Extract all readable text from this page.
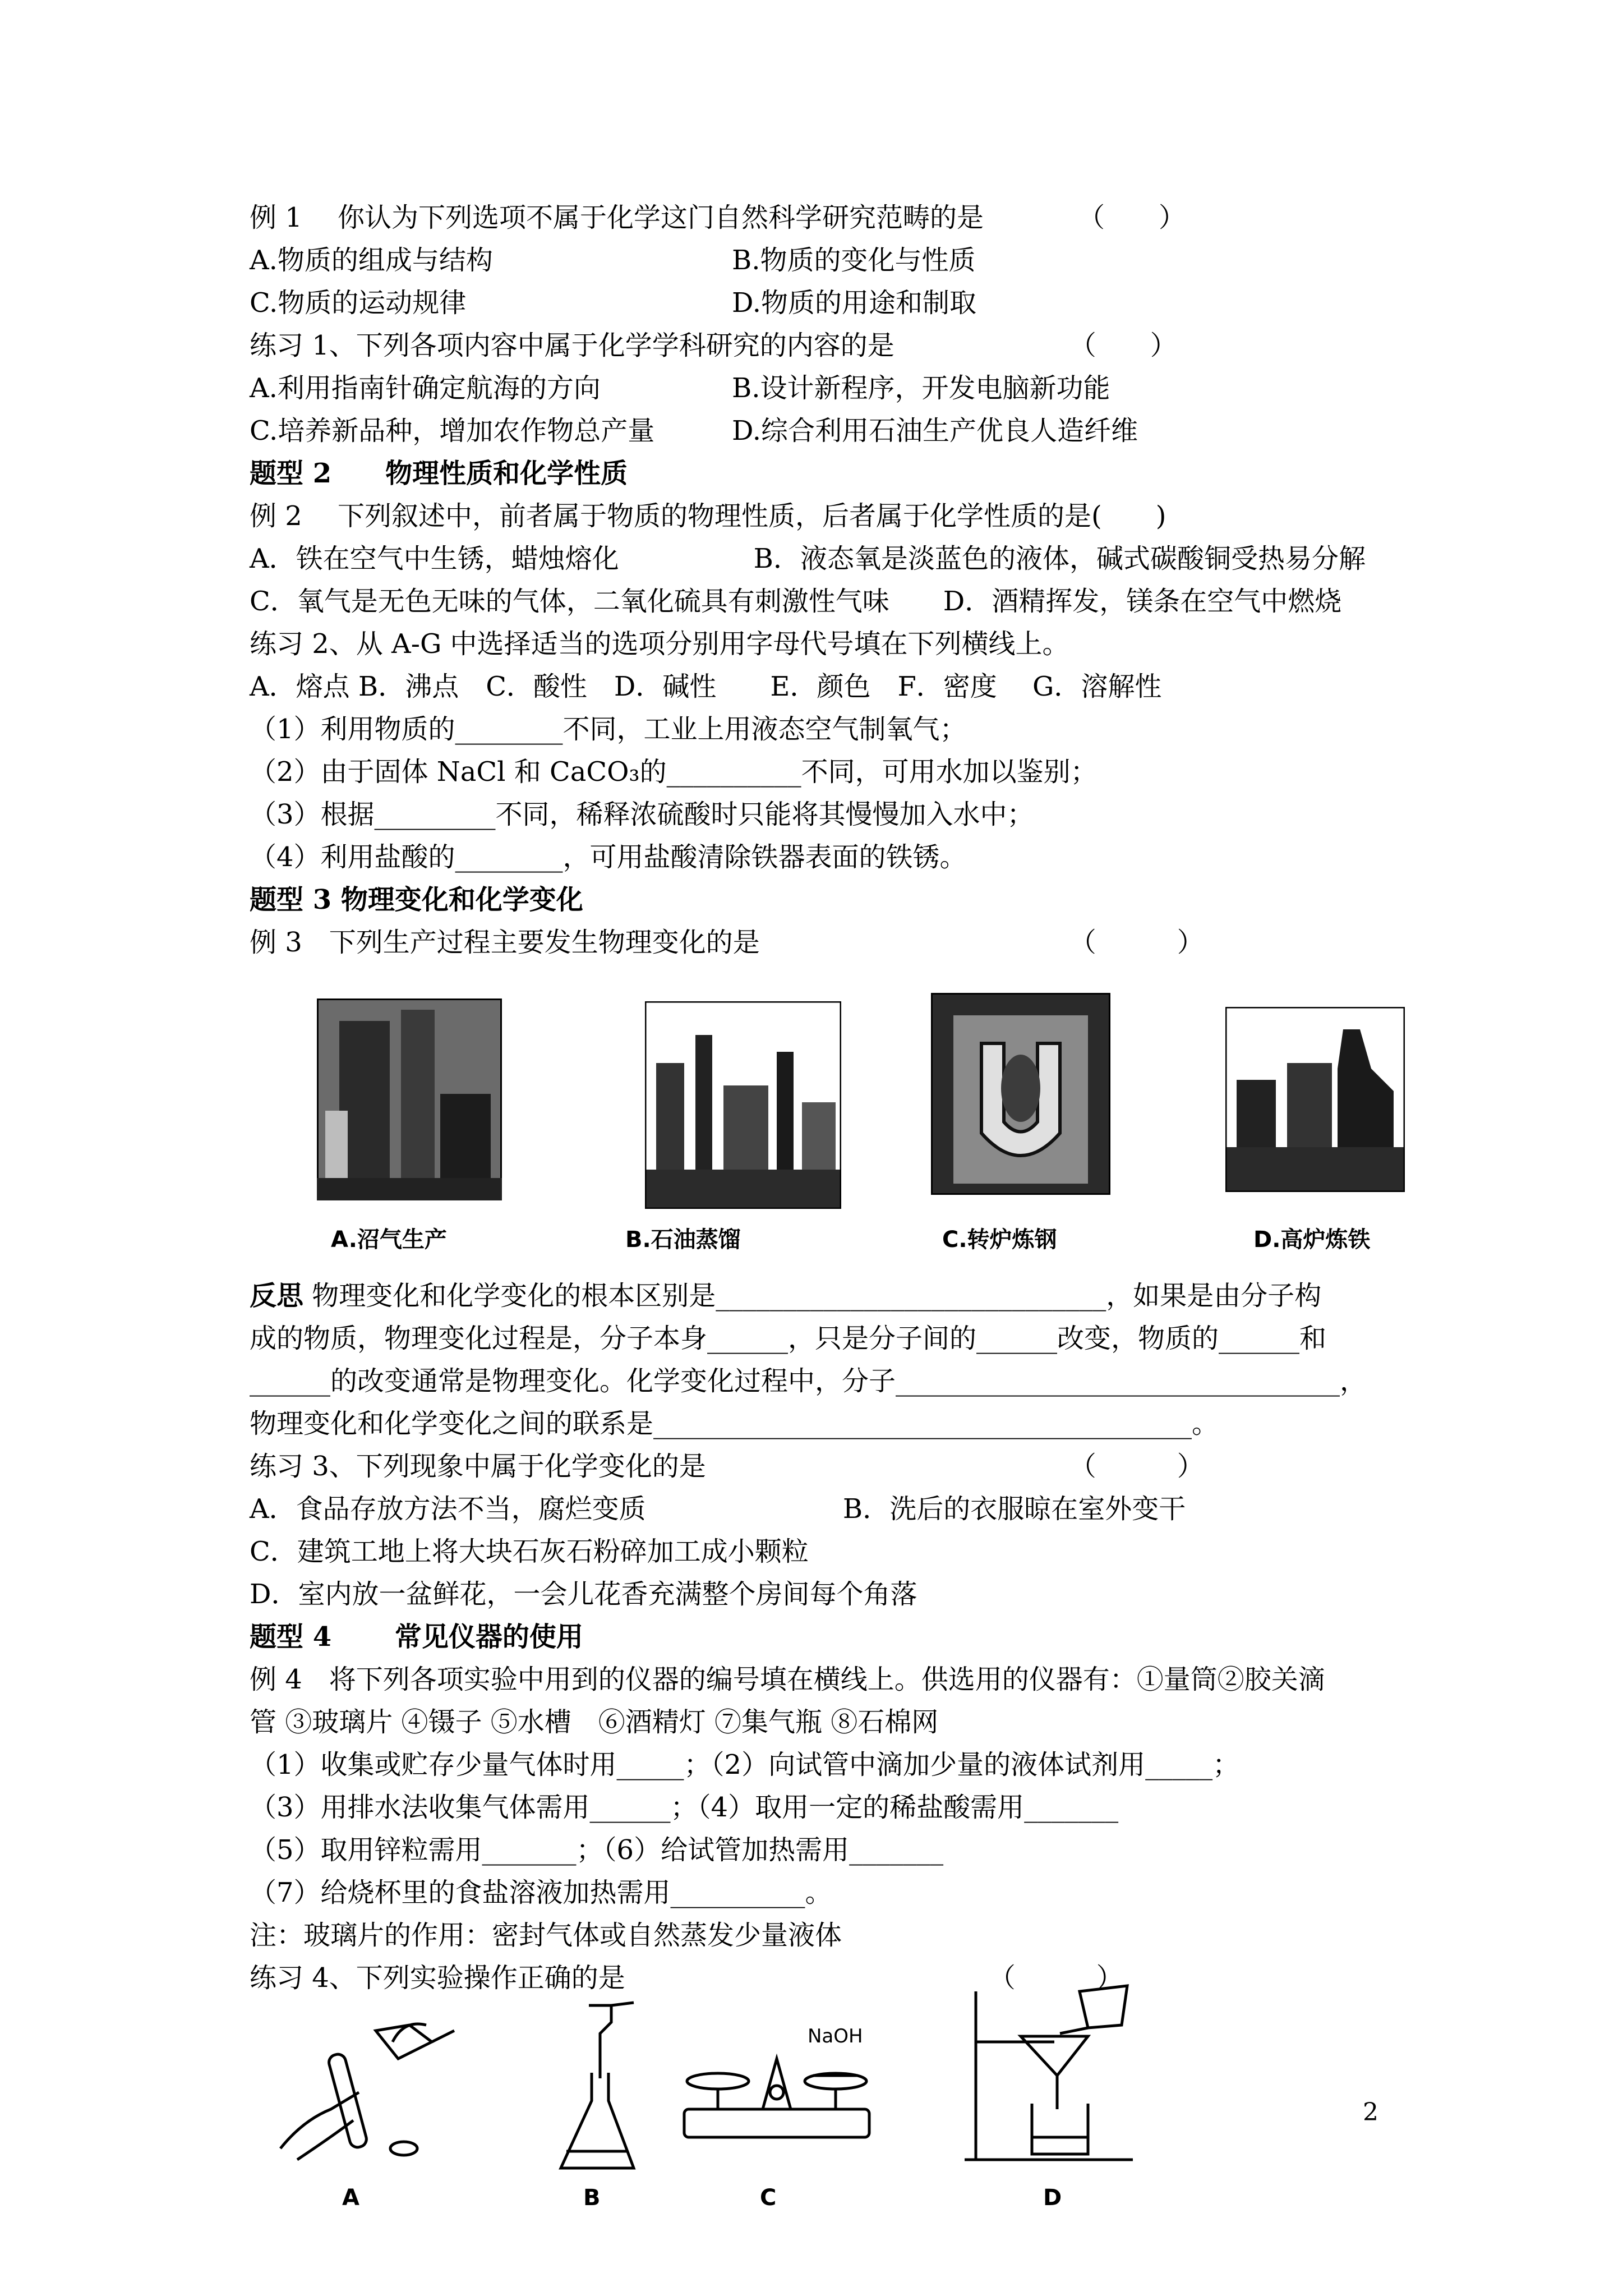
例 1　 你认为下列选项不属于化学这门自然科学研究范畴的是　　　　（　　）
A.物质的组成与结构	B.物质的变化与性质
C.物质的运动规律	D.物质的用途和制取
练习 1、下列各项内容中属于化学学科研究的内容的是　　　　　　　（　　）
A.利用指南针确定航海的方向	B.设计新程序，开发电脑新功能
C.培养新品种，增加农作物总产量	D.综合利用石油生产优良人造纤维
题型 2　　物理性质和化学性质
例 2　 下列叙述中，前者属于物质的物理性质，后者属于化学性质的是(　　)
A．铁在空气中生锈，蜡烛熔化　　　　　B．液态氧是淡蓝色的液体，碱式碳酸铜受热易分解
C．氧气是无色无味的气体，二氧化硫具有刺激性气味　　D．酒精挥发，镁条在空气中燃烧
练习 2、从 A-G 中选择适当的选项分别用字母代号填在下列横线上。
A．熔点 B．沸点　C．酸性　D．碱性　　E．颜色　F．密度　 G．溶解性
（1）利用物质的________不同，工业上用液态空气制氧气；
（2）由于固体 NaCl 和 CaCO₃的__________不同，可用水加以鉴别；
（3）根据_________不同，稀释浓硫酸时只能将其慢慢加入水中；
（4）利用盐酸的________，可用盐酸清除铁器表面的铁锈。
题型 3 物理变化和化学变化
例 3　下列生产过程主要发生物理变化的是　　　　　　　　　　　　（　　　）
A.沼气生产	B.石油蒸馏	C.转炉炼钢	D.高炉炼铁
反思 物理变化和化学变化的根本区别是_____________________________，如果是由分子构
成的物质，物理变化过程是，分子本身______，只是分子间的______改变，物质的______和
______的改变通常是物理变化。化学变化过程中，分子_________________________________，
物理变化和化学变化之间的联系是________________________________________。
练习 3、下列现象中属于化学变化的是　　　　　　　　　　　　　　（　　　）
A．食品存放方法不当，腐烂变质　　　　　　　 B．洗后的衣服晾在室外变干
C．建筑工地上将大块石灰石粉碎加工成小颗粒
D．室内放一盆鲜花，一会儿花香充满整个房间每个角落
题型 4　　 常见仪器的使用
例 4　将下列各项实验中用到的仪器的编号填在横线上。供选用的仪器有：①量筒②胶关滴
管 ③玻璃片 ④镊子 ⑤水槽　⑥酒精灯 ⑦集气瓶 ⑧石棉网
（1）收集或贮存少量气体时用_____；（2）向试管中滴加少量的液体试剂用_____；
（3）用排水法收集气体需用______；（4）取用一定的稀盐酸需用_______
（5）取用锌粒需用_______；（6）给试管加热需用_______
（7）给烧杯里的食盐溶液加热需用__________。
注：玻璃片的作用：密封气体或自然蒸发少量液体
练习 4、下列实验操作正确的是　　　　　　　　　　　　　　（　　　）
NaOH
A	B	C	D
2
